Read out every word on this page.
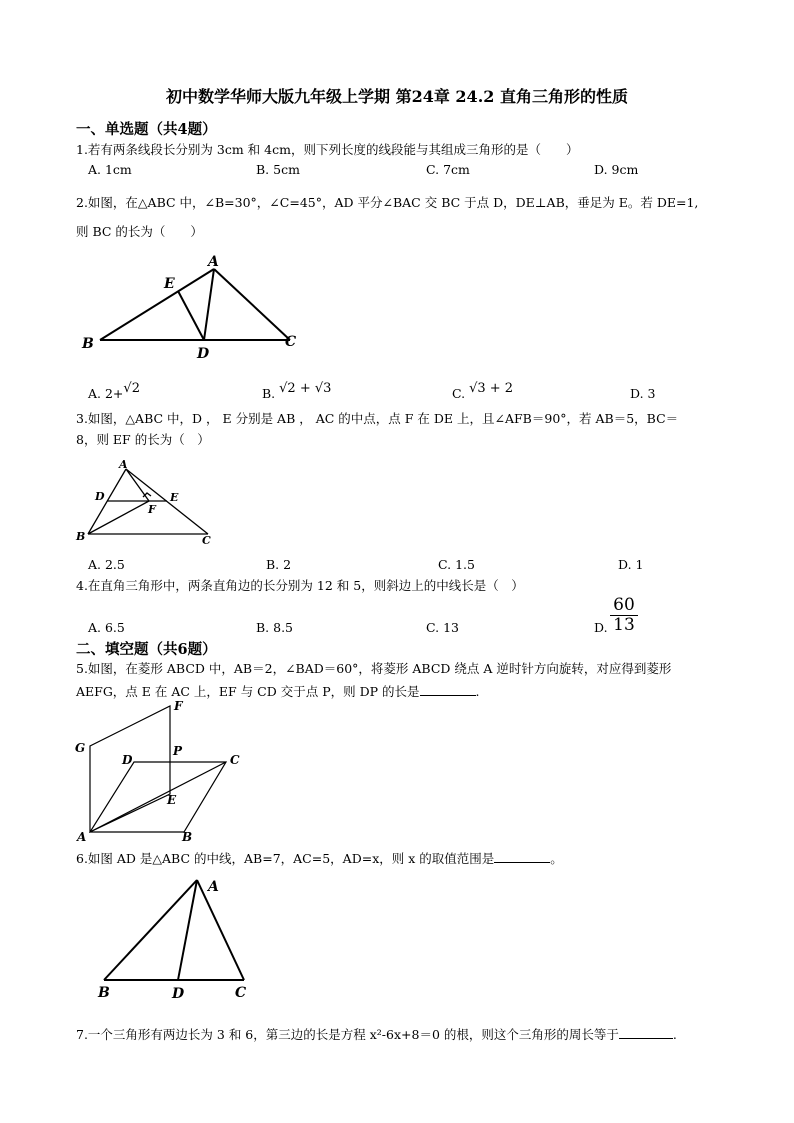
初中数学华师大版九年级上学期 第24章 24.2 直角三角形的性质
一、单选题（共4题）
1.若有两条线段长分别为 3cm 和 4cm，则下列长度的线段能与其组成三角形的是（　　）
A. 1cm	B. 5cm	C. 7cm	D. 9cm
2.如图，在△ABC 中，∠B=30°，∠C=45°，AD 平分∠BAC 交 BC 于点 D，DE⊥AB，垂足为 E。若 DE=1,
则 BC 的长为（　　）
A
B	C
D
E
A. 2+√2	B. √2 + √3	C. √3 + 2	D. 3
3.如图，△ABC 中，D ， E 分别是 AB ， AC 的中点，点 F 在 DE 上，且∠AFB＝90°，若 AB＝5，BC＝
8，则 EF 的长为（　）
A
B	C
D	E
F
A. 2.5	B. 2	C. 1.5	D. 1
4.在直角三角形中，两条直角边的长分别为 12 和 5，则斜边上的中线长是（　）
A. 6.5	B. 8.5	C. 13	D. $\frac{60}{13}$
二、填空题（共6题）
5.如图，在菱形 ABCD 中，AB＝2，∠BAD＝60°，将菱形 ABCD 绕点 A 逆时针方向旋转，对应得到菱形
AEFG，点 E 在 AC 上，EF 与 CD 交于点 P，则 DP 的长是	.
A	B
C
D
E
F
G	P
6.如图 AD 是△ABC 的中线，AB=7，AC=5，AD=x，则 x 的取值范围是	。
A
B	C
D
7.一个三角形有两边长为 3 和 6，第三边的长是方程 x²-6x+8＝0 的根，则这个三角形的周长等于	.
